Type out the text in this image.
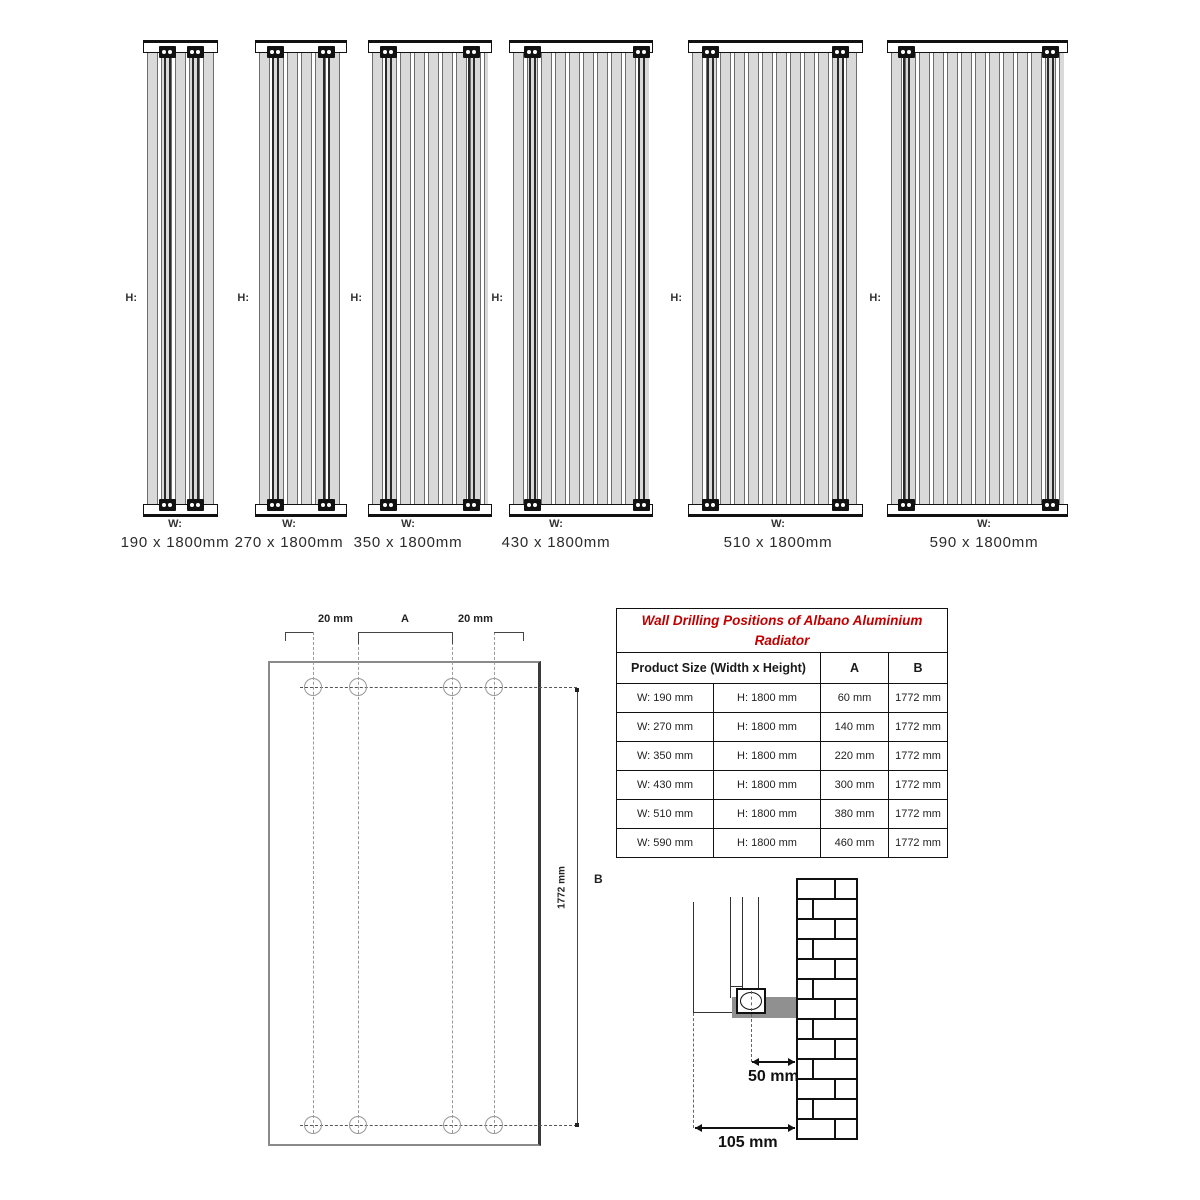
H:
W:
190 x 1800mm
H:
W:
270 x 1800mm
H:
W:
350 x 1800mm
H:
W:
430 x 1800mm
H:
W:
510 x 1800mm
H:
W:
590 x 1800mm
20 mm	A	20 mm
1772 mm B
Wall Drilling Positions of Albano Aluminium Radiator			
Product Size (Width x Height)		A	B
W: 190 mm	H: 1800 mm	60 mm	1772 mm
W: 270 mm	H: 1800 mm	140 mm	1772 mm
W: 350 mm	H: 1800 mm	220 mm	1772 mm
W: 430 mm	H: 1800 mm	300 mm	1772 mm
W: 510 mm	H: 1800 mm	380 mm	1772 mm
W: 590 mm	H: 1800 mm	460 mm	1772 mm
50 mm
105 mm
